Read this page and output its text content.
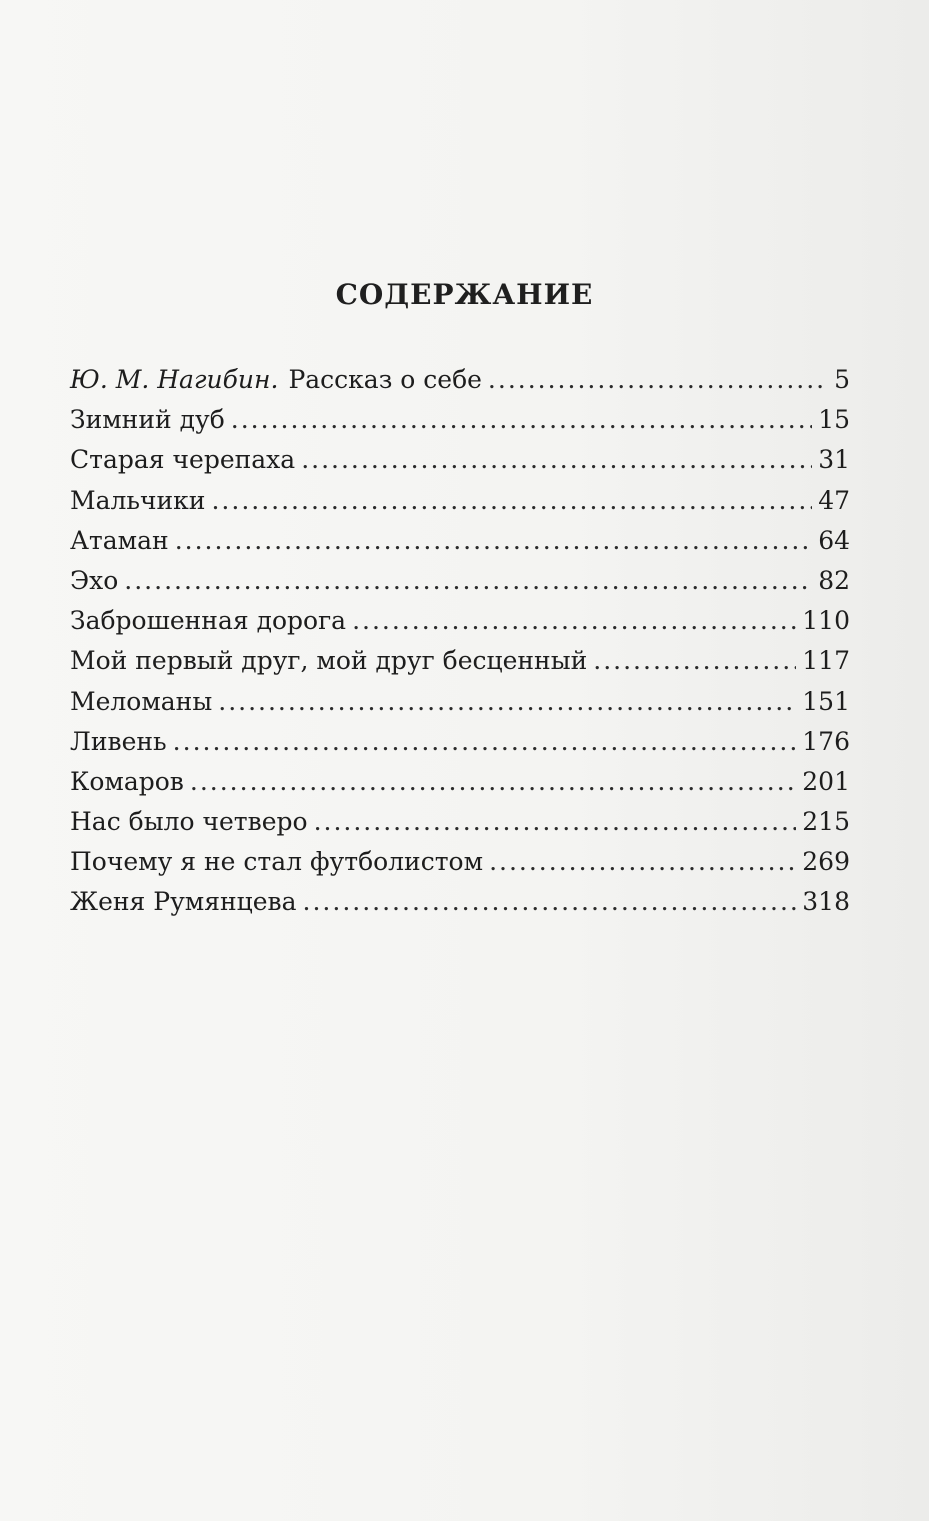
СОДЕРЖАНИЕ
Ю. М. Нагибин. Рассказ о себе .....	5
Зимний дуб .....	15
Старая черепаха .....	31
Мальчики .....	47
Атаман .....	64
Эхо .....	82
Заброшенная дорога .....	110
Мой первый друг, мой друг бесценный .....	117
Меломаны .....	151
Ливень .....	176
Комаров .....	201
Нас было четверо .....	215
Почему я не стал футболистом .....	269
Женя Румянцева .....	318
